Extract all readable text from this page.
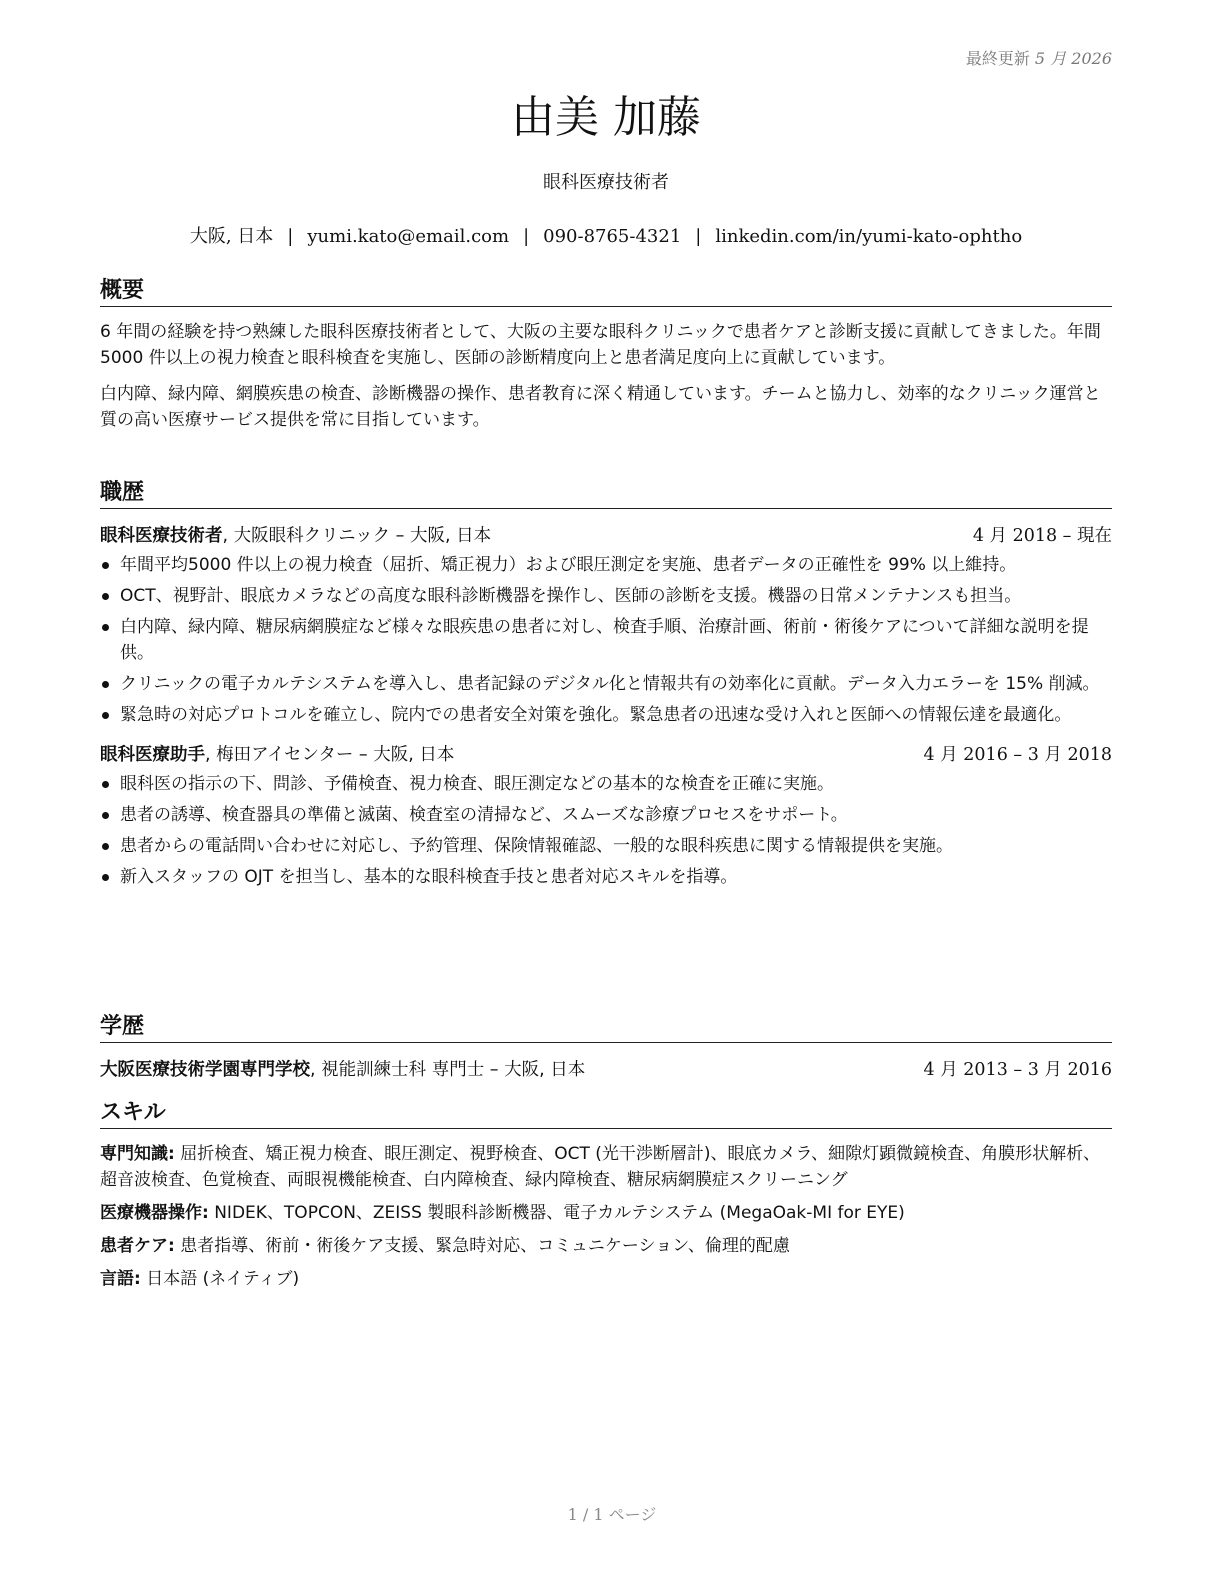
最終更新 5 月 2026
由美 加藤
眼科医療技術者
大阪, 日本 | yumi.kato@email.com | 090-8765-4321 | linkedin.com/in/yumi-kato-ophtho
概要

6 年間の経験を持つ熟練した眼科医療技術者として、大阪の主要な眼科クリニックで患者ケアと診断支援に貢献してきました。年間 5000 件以上の視力検査と眼科検査を実施し、医師の診断精度向上と患者満足度向上に貢献しています。

白内障、緑内障、網膜疾患の検査、診断機器の操作、患者教育に深く精通しています。チームと協力し、効率的なクリニック運営と質の高い医療サービス提供を常に目指しています。

職歴
眼科医療技術者, 大阪眼科クリニック – 大阪, 日本	4 月 2018 – 現在
年間平均5000 件以上の視力検査（屈折、矯正視力）および眼圧測定を実施、患者データの正確性を 99% 以上維持。
OCT、視野計、眼底カメラなどの高度な眼科診断機器を操作し、医師の診断を支援。機器の日常メンテナンスも担当。
白内障、緑内障、糖尿病網膜症など様々な眼疾患の患者に対し、検査手順、治療計画、術前・術後ケアについて詳細な説明を提供。
クリニックの電子カルテシステムを導入し、患者記録のデジタル化と情報共有の効率化に貢献。データ入力エラーを 15% 削減。
緊急時の対応プロトコルを確立し、院内での患者安全対策を強化。緊急患者の迅速な受け入れと医師への情報伝達を最適化。
眼科医療助手, 梅田アイセンター – 大阪, 日本	4 月 2016 – 3 月 2018
眼科医の指示の下、問診、予備検査、視力検査、眼圧測定などの基本的な検査を正確に実施。
患者の誘導、検査器具の準備と滅菌、検査室の清掃など、スムーズな診療プロセスをサポート。
患者からの電話問い合わせに対応し、予約管理、保険情報確認、一般的な眼科疾患に関する情報提供を実施。
新入スタッフの OJT を担当し、基本的な眼科検査手技と患者対応スキルを指導。
学歴
大阪医療技術学園専門学校, 視能訓練士科 専門士 – 大阪, 日本	4 月 2013 – 3 月 2016
スキル
専門知識: 屈折検査、矯正視力検査、眼圧測定、視野検査、OCT (光干渉断層計)、眼底カメラ、細隙灯顕微鏡検査、角膜形状解析、超音波検査、色覚検査、両眼視機能検査、白内障検査、緑内障検査、糖尿病網膜症スクリーニング
医療機器操作: NIDEK、TOPCON、ZEISS 製眼科診断機器、電子カルテシステム (MegaOak-MI for EYE)
患者ケア: 患者指導、術前・術後ケア支援、緊急時対応、コミュニケーション、倫理的配慮
言語: 日本語 (ネイティブ)
1 / 1 ページ
